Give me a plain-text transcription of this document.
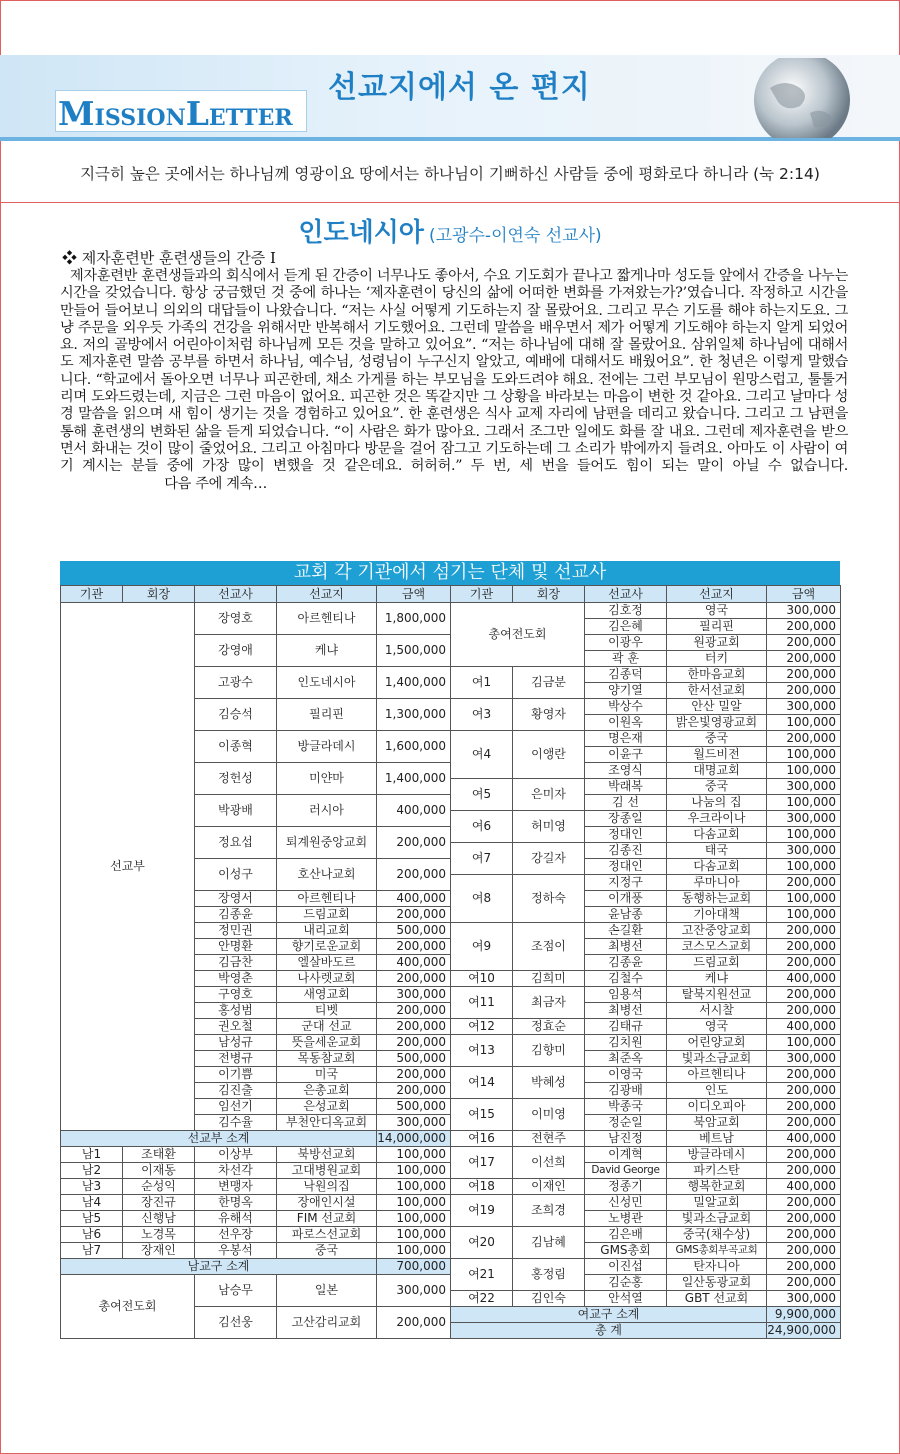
선교지에서 온 편지
MISSIONLETTER
지극히 높은 곳에서는 하나님께 영광이요 땅에서는 하나님이 기뻐하신 사람들 중에 평화로다 하니라 (눅 2:14)
인도네시아 (고광수-이연숙 선교사)
❖ 제자훈련반 훈련생들의 간증 I
제자훈련반 훈련생들과의 회식에서 듣게 된 간증이 너무나도 좋아서, 수요 기도회가 끝나고 짧게나마 성도들 앞에서 간증을 나누는 시간을 갖었습니다. 항상 궁금했던 것 중에 하나는 ‘제자훈련이 당신의 삶에 어떠한 변화를 가져왔는가?’였습니다. 작정하고 시간을 만들어 들어보니 의외의 대답들이 나왔습니다. “저는 사실 어떻게 기도하는지 잘 몰랐어요. 그리고 무슨 기도를 해야 하는지도요. 그냥 주문을 외우듯 가족의 건강을 위해서만 반복해서 기도했어요. 그런데 말씀을 배우면서 제가 어떻게 기도해야 하는지 알게 되었어요. 저의 골방에서 어린아이처럼 하나님께 모든 것을 말하고 있어요”. “저는 하나님에 대해 잘 몰랐어요. 삼위일체 하나님에 대해서도 제자훈련 말씀 공부를 하면서 하나님, 예수님, 성령님이 누구신지 알았고, 예배에 대해서도 배웠어요”. 한 청년은 이렇게 말했습니다. “학교에서 돌아오면 너무나 피곤한데, 채소 가게를 하는 부모님을 도와드려야 해요. 전에는 그런 부모님이 원망스럽고, 툴툴거리며 도와드렸는데, 지금은 그런 마음이 없어요. 피곤한 것은 똑같지만 그 상황을 바라보는 마음이 변한 것 같아요. 그리고 날마다 성경 말씀을 읽으며 새 힘이 생기는 것을 경험하고 있어요”. 한 훈련생은 식사 교제 자리에 남편을 데리고 왔습니다. 그리고 그 남편을 통해 훈련생의 변화된 삶을 듣게 되었습니다. “이 사람은 화가 많아요. 그래서 조그만 일에도 화를 잘 내요. 그런데 제자훈련을 받으면서 화내는 것이 많이 줄었어요. 그리고 아침마다 방문을 걸어 잠그고 기도하는데 그 소리가 밖에까지 들려요. 아마도 이 사람이 여기 계시는 분들 중에 가장 많이 변했을 것 같은데요. 허허허.” 두 번, 세 번을 들어도 힘이 되는 말이 아닐 수 없습니다.  다음 주에 계속…
교회 각 기관에서 섬기는 단체 및 선교사
기관	회장	선교사	선교지	금액	기관	회장	선교사	선교지	금액
선교부		장영호	아르헨티나	1,800,000	총여전도회		김호정	영국	300,000
							김은혜	필리핀	200,000
		강영애	케냐	1,500,000			이광우	원광교회	200,000
							곽 훈	터키	200,000
		고광수	인도네시아	1,400,000	여1	김금분	김종덕	한마음교회	200,000
							양기열	한서선교회	200,000
		김승석	필리핀	1,300,000	여3	황영자	박상수	안산 밀알	300,000
							이원옥	밝은빛영광교회	100,000
		이종혁	방글라데시	1,600,000	여4	이앵란	명은재	중국	200,000
							이윤구	월드비전	100,000
		정헌성	미얀마	1,400,000			조영식	대명교회	100,000
					여5	은미자	박래복	중국	300,000
		박광배	러시아	400,000			김 선	나눔의 집	100,000
					여6	허미영	장종일	우크라이나	300,000
		정요섭	퇴계원중앙교회	200,000			정대인	다솜교회	100,000
					여7	강길자	김종진	태국	300,000
		이성구	호산나교회	200,000			정대인	다솜교회	100,000
					여8	정하숙	지정구	루마니아	200,000
		장영서	아르헨티나	400,000			이개풍	동행하는교회	100,000
		김종윤	드림교회	200,000			윤남종	기아대책	100,000
		정민권	내리교회	500,000	여9	조점이	손길환	고잔중앙교회	200,000
		안명환	향기로운교회	200,000			최병선	코스모스교회	200,000
		김금찬	엘살바도르	400,000			김종윤	드림교회	200,000
		박영춘	나사렛교회	200,000	여10	김희미	김철수	케냐	400,000
		구영호	새영교회	300,000	여11	최금자	임용석	탈북지원선교	200,000
		홍성범	티벳	200,000			최병선	서시찰	200,000
		권오철	군대 선교	200,000	여12	정효순	김태규	영국	400,000
		남성규	뜻을세운교회	200,000	여13	김향미	김치원	어린양교회	100,000
		전병규	목동참교회	500,000			최준옥	빛과소금교회	300,000
		이기쁨	미국	200,000	여14	박혜성	이영국	아르헨티나	200,000
		김진출	은총교회	200,000			김광배	인도	200,000
		임선기	은성교회	500,000	여15	이미영	박종국	이디오피아	200,000
		김수율	부천안디옥교회	300,000			정순일	북암교회	200,000
선교부 소계				14,000,000	여16	전현주	남진정	베트남	400,000
남1	조태환	이상부	북방선교회	100,000	여17	이선희	이계혁	방글라데시	200,000
남2	이재동	차선각	고대병원교회	100,000			David George	파키스탄	200,000
남3	순성익	변맹자	낙원의집	100,000	여18	이재인	정종기	행복한교회	400,000
남4	장진규	한명옥	장애인시설	100,000	여19	조희경	신성민	밀알교회	200,000
남5	신행남	유해석	FIM 선교회	100,000			노병관	빛과소금교회	200,000
남6	노경목	선우장	파로스선교회	100,000	여20	김남혜	김은배	중국(채수상)	200,000
남7	장재인	우봉석	중국	100,000			GMS총회	GMS총회부곡교회	200,000
남교구 소계				700,000	여21	홍정림	이진섭	탄자니아	200,000
총여전도회		남승무	일본	300,000			김순홍	일산동광교회	200,000
					여22	김인숙	안석열	GBT 선교회	300,000
		김선웅	고산감리교회	200,000	여교구 소계				9,900,000
					총 계				24,900,000
